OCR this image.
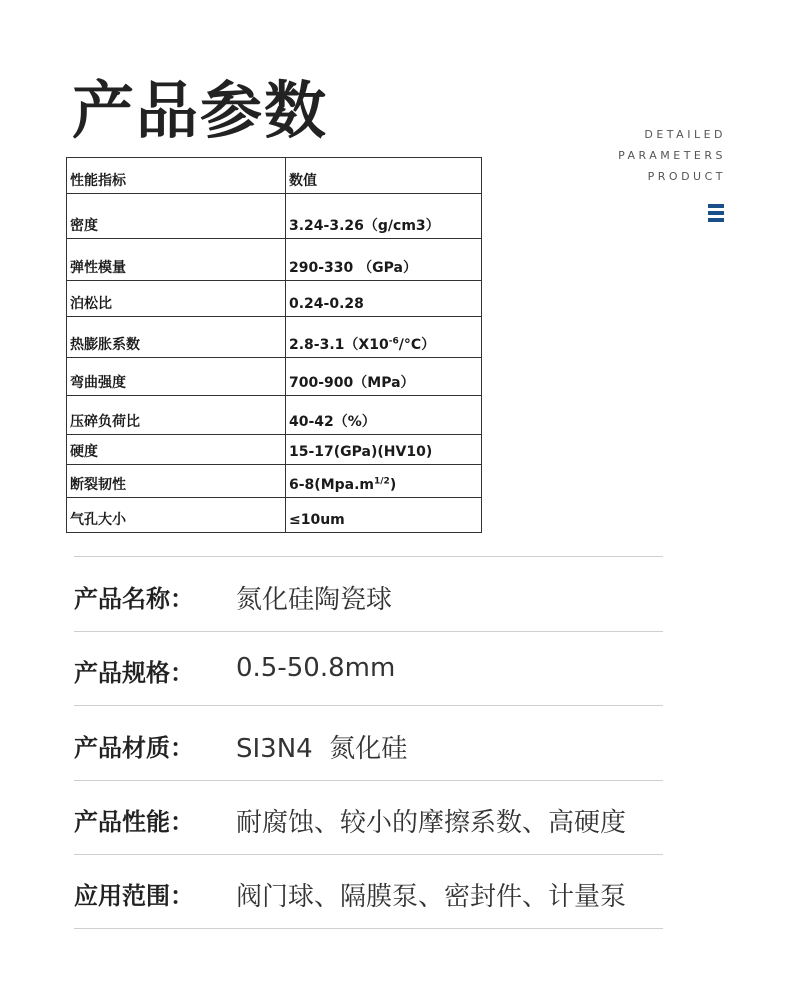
产品参数	DETAILED
PARAMETERS
PRODUCT
性能指标	数值
密度	3.24-3.26（g/cm3）
弹性模量	290-330 （GPa）
泊松比	0.24-0.28
热膨胀系数	$2.8-3.1(X10^{-6}/^\circ C)$
弯曲强度	700-900（MPa）
压碎负荷比	40-42（%）
硬度	15-17(GPa)(HV10)
断裂韧性	$6-8(Mpa.m^{1/2})$
气孔大小	≤10um
产品名称： 氮化硅陶瓷球
产品规格： 0.5-50.8mm
产品材质： SI3N4  氮化硅
产品性能： 耐腐蚀、较小的摩擦系数、高硬度
应用范围： 阀门球、隔膜泵、密封件、计量泵
